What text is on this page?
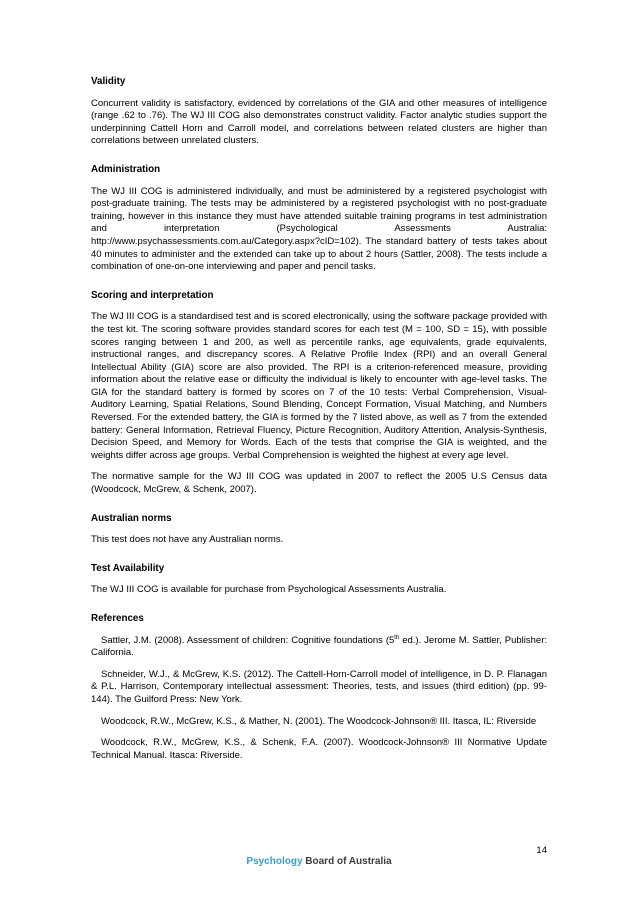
Validity

Concurrent validity is satisfactory, evidenced by correlations of the GIA and other measures of intelligence (range .62 to .76). The WJ III COG also demonstrates construct validity. Factor analytic studies support the underpinning Cattell Horn and Carroll model, and correlations between related clusters are higher than correlations between unrelated clusters.

Administration

The WJ III COG is administered individually, and must be administered by a registered psychologist with post-graduate training. The tests may be administered by a registered psychologist with no post-graduate training, however in this instance they must have attended suitable training programs in test administration and interpretation (Psychological Assessments Australia: http://www.psychassessments.com.au/Category.aspx?cID=102). The standard battery of tests takes about 40 minutes to administer and the extended can take up to about 2 hours (Sattler, 2008). The tests include a combination of one-on-one interviewing and paper and pencil tasks.

Scoring and interpretation

The WJ III COG is a standardised test and is scored electronically, using the software package provided with the test kit. The scoring software provides standard scores for each test (M = 100, SD = 15), with possible scores ranging between 1 and 200, as well as percentile ranks, age equivalents, grade equivalents, instructional ranges, and discrepancy scores. A Relative Profile Index (RPI) and an overall General Intellectual Ability (GIA) score are also provided. The RPI is a criterion-referenced measure, providing information about the relative ease or difficulty the individual is likely to encounter with age-level tasks. The GIA for the standard battery is formed by scores on 7 of the 10 tests: Verbal Comprehension, Visual-Auditory Learning, Spatial Relations, Sound Blending, Concept Formation, Visual Matching, and Numbers Reversed. For the extended battery, the GIA is formed by the 7 listed above, as well as 7 from the extended battery: General Information, Retrieval Fluency, Picture Recognition, Auditory Attention, Analysis-Synthesis, Decision Speed, and Memory for Words. Each of the tests that comprise the GIA is weighted, and the weights differ across age groups. Verbal Comprehension is weighted the highest at every age level.

The normative sample for the WJ III COG was updated in 2007 to reflect the 2005 U.S Census data (Woodcock, McGrew, & Schenk, 2007).

Australian norms

This test does not have any Australian norms.

Test Availability

The WJ III COG is available for purchase from Psychological Assessments Australia.

References

Sattler, J.M. (2008). Assessment of children: Cognitive foundations (5th ed.). Jerome M. Sattler, Publisher: California.

Schneider, W.J., & McGrew, K.S. (2012). The Cattell-Horn-Carroll model of intelligence, in D. P. Flanagan & P.L. Harrison, Contemporary intellectual assessment: Theories, tests, and issues (third edition) (pp. 99-144). The Guilford Press: New York.

Woodcock, R.W., McGrew, K.S., & Mather, N. (2001). The Woodcock-Johnson® III. Itasca, IL: Riverside

Woodcock, R.W., McGrew, K.S., & Schenk, F.A. (2007). Woodcock-Johnson® III Normative Update Technical Manual. Itasca: Riverside.

14
Psychology Board of Australia
